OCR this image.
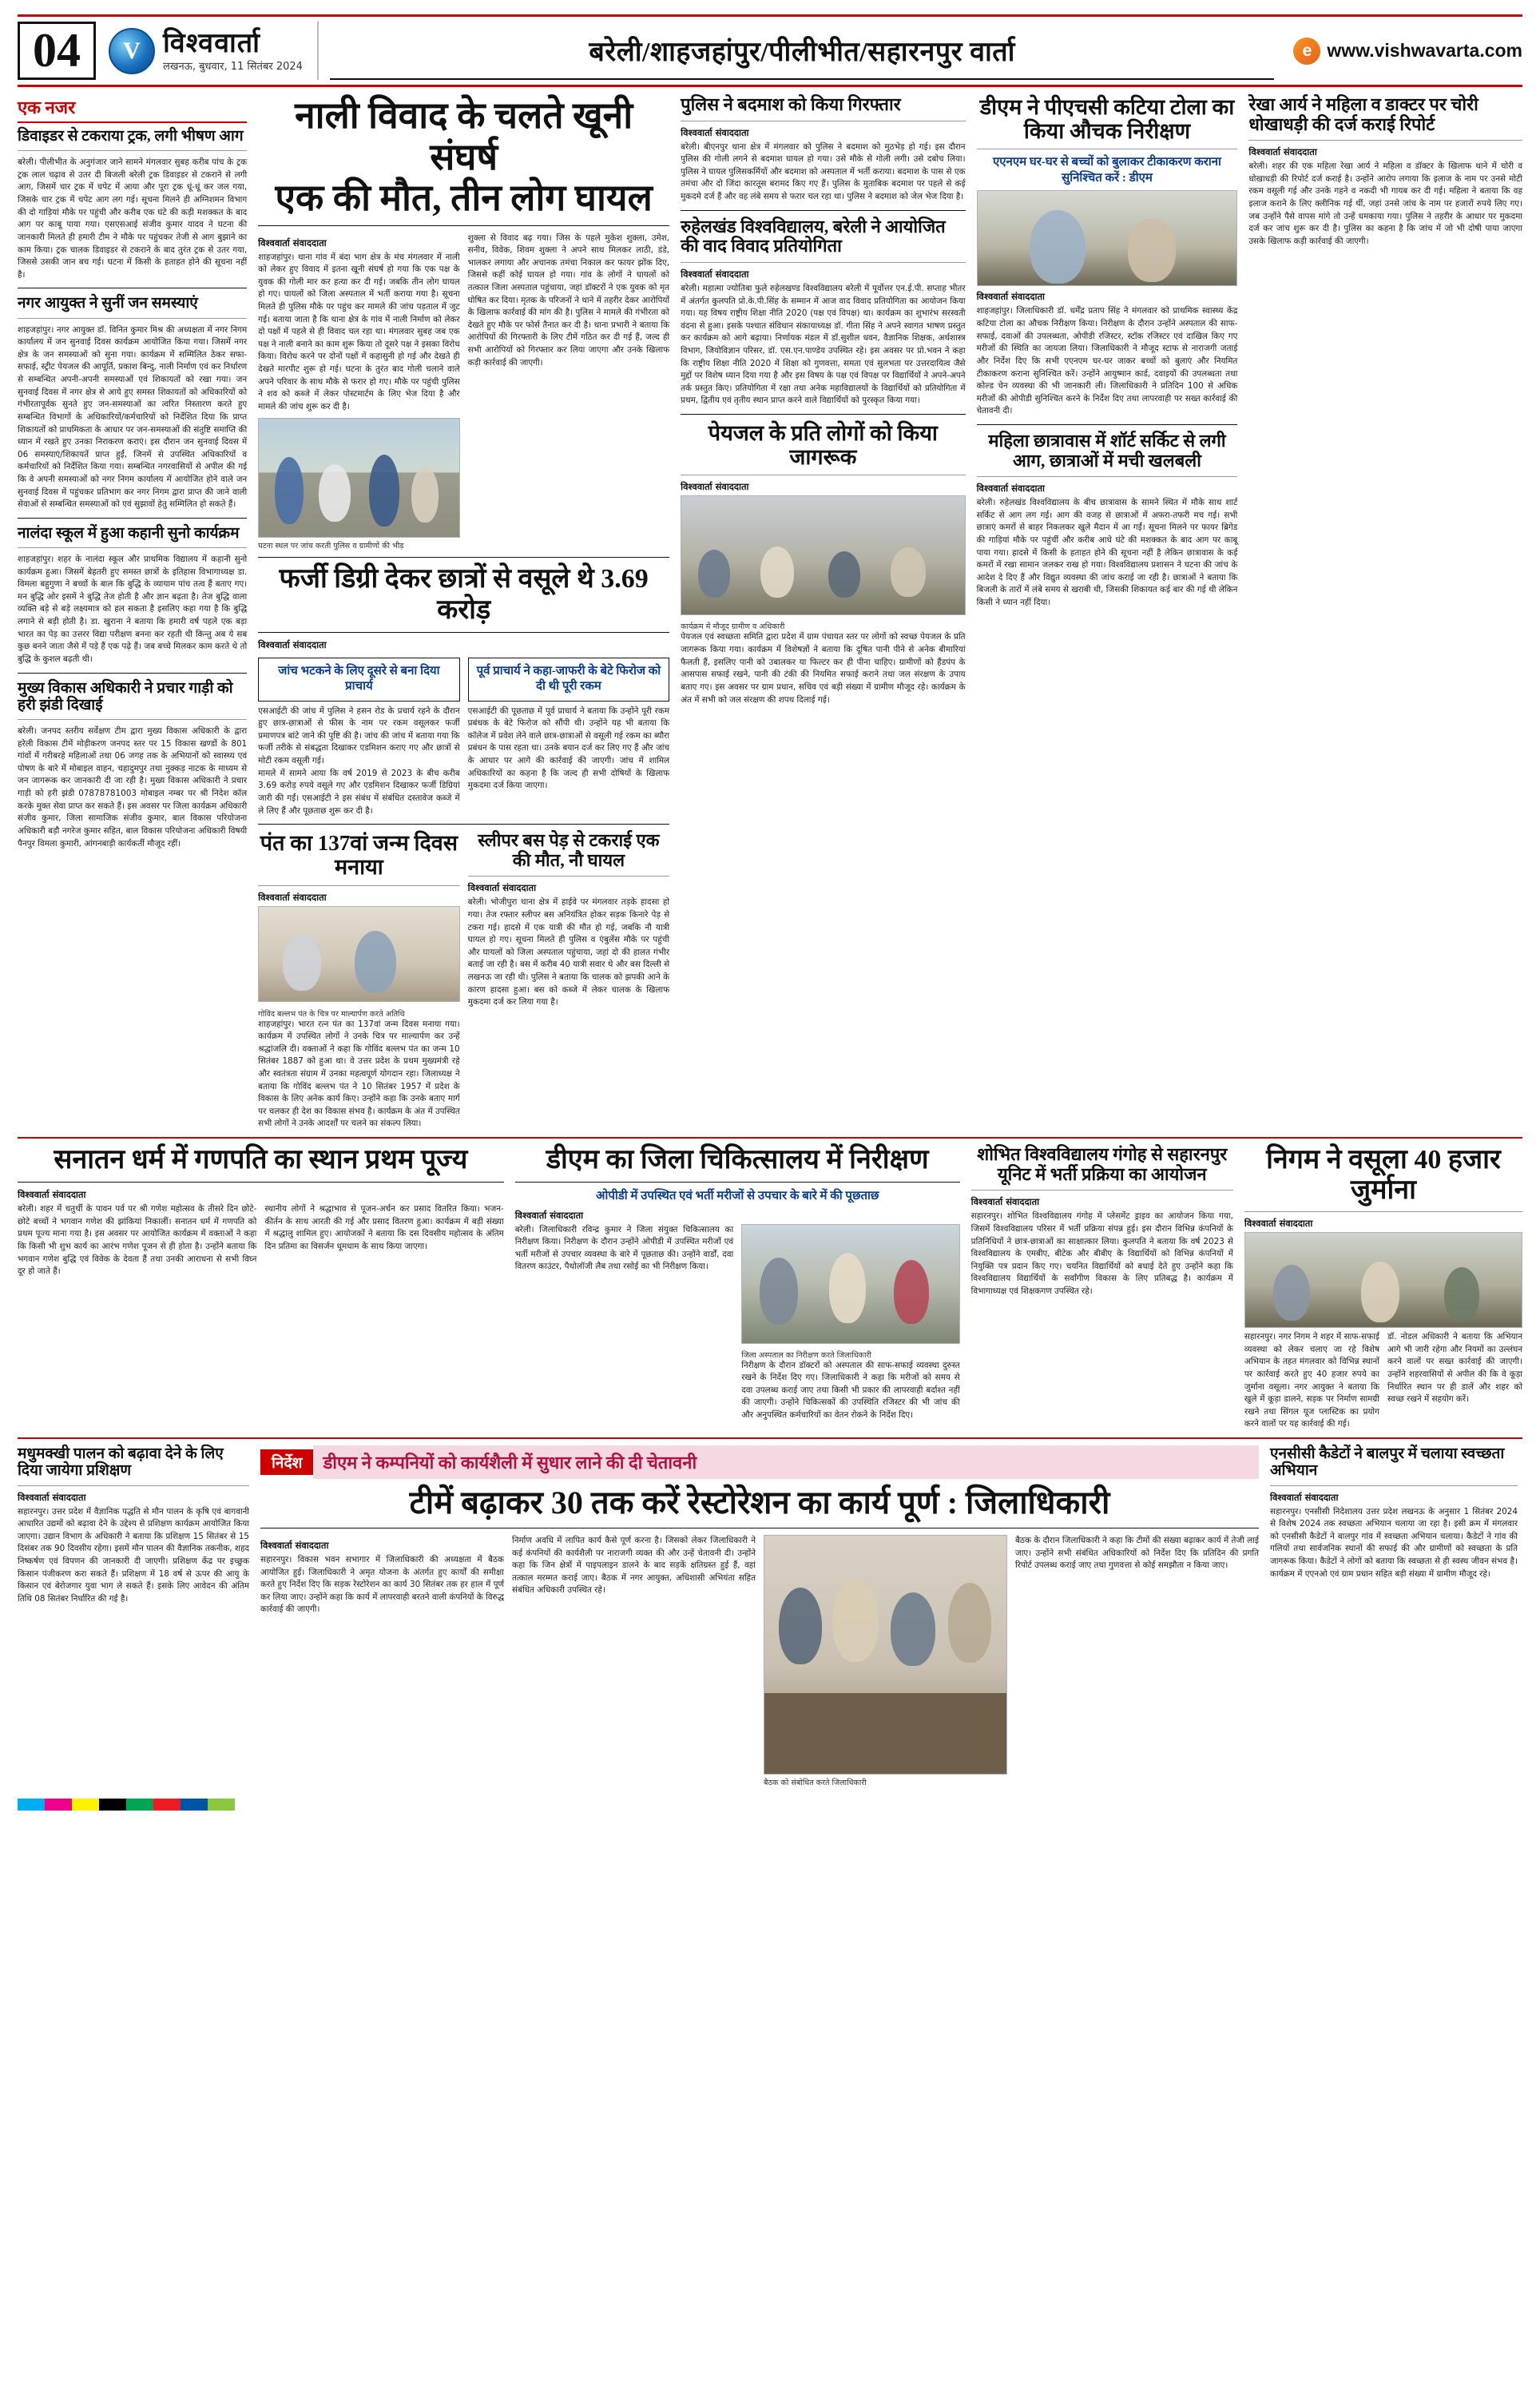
04	V विश्ववार्ता
लखनऊ, बुधवार, 11 सितंबर 2024	बरेली/शाहजहांपुर/पीलीभीत/सहारनपुर वार्ता	e www.vishwavarta.com
एक नजर
डिवाइडर से टकराया ट्रक, लगी भीषण आग
बरेली। पीलीभीत के अनुगंजार जाने सामने मंगलवार सुबह करीब पांच के ट्रक ट्रक लाल चढ़ाव से उतर दी बिजली बरेली ट्रक डिवाइडर से टकराने से लगी आग, जिसमें चार ट्रक में चपेट में आया और पूरा ट्रक धूं-धूं कर जल गया, जिसके चार ट्रक में चपेट आग लग गई। सूचना मिलने ही अग्निशमन विभाग की दो गाड़ियां मौके पर पहुंची और करीब एक घंटे की कड़ी मशक्कत के बाद आग पर काबू पाया गया। एसएसआई संजीव कुमार यादव ने घटना की जानकारी मिलते ही हमारी टीम ने मौके पर पहुंचकर तेजी से आग बुझाने का काम किया। ट्रक चालक डिवाइडर से टकराने के बाद तुरंत ट्रक से उतर गया, जिससे उसकी जान बच गई। घटना में किसी के हताहत होने की सूचना नहीं है।
नगर आयुक्त ने सुनीं जन समस्याएं
शाहजहांपुर। नगर आयुक्त डॉ. विनित कुमार मिश्र की अध्यक्षता में नगर निगम कार्यालय में जन सुनवाई दिवस कार्यक्रम आयोजित किया गया। जिसमें नगर क्षेत्र के जन समस्याओं को सुना गया। कार्यक्रम में सम्मिलित ठेकर सफा-सफाई, स्ट्रीट पेयजल की आपूर्ति, प्रकाश बिन्दु, नाली निर्माण एवं कर निर्धारण से सम्बन्धित अपनी-अपनी समस्याओं एवं शिकायतों को रखा गया। जन सुनवाई दिवस में नगर क्षेत्र से आये हुए समस्त शिकायतों को अधिकारियों को गंभीरतापूर्वक सुनते हुए जन-समस्याओं का त्वरित निस्तारण करते हुए सम्बन्धित विभागों के अधिकारियों/कर्मचारियों को निर्देशित दिया कि प्राप्त शिकायतों को प्राथमिकता के आधार पर जन-समस्याओं की संतुष्टि समाप्ति की ध्यान में रखते हुए उनका निराकरण कराएं। इस दौरान जन सुनवाई दिवस में 06 समस्याएं/शिकायतें प्राप्त हुईं, जिनमें से उपस्थित अधिकारियों व कर्मचारियों को निर्देशित किया गया। सम्बन्धित नगरवासियों से अपील की गई कि वे अपनी समस्याओं को नगर निगम कार्यालय में आयोजित होने वाले जन सुनवाई दिवस में पहुंचकर प्रतिभाग कर नगर निगम द्वारा प्राप्त की जाने वाली सेवाओं से सम्बन्धित समस्याओं को एवं सुझावों हेतु सम्मिलित हो सकते हैं।
नालंदा स्कूल में हुआ कहानी सुनो कार्यक्रम
शाहजहांपुर। शहर के नालंदा स्कूल और प्राथमिक विद्यालय में कहानी सुनो कार्यक्रम हुआ। जिसमें बेहतरी हुए समस्त छात्रों के इतिहास विभागाध्यक्ष डा. विमला बहुगुणा ने बच्चों के बाल कि बुद्धि के व्यायाम पांच तत्व हैं बताए गए। मन बुद्धि ओर इसमें ने बुद्धि तेज होती है और ज्ञान बढ़ता है। तेज बुद्धि वाला व्यक्ति बड़े से बड़े लक्ष्यमात्र को हल सकता है इसलिए कहा गया है कि बुद्धि लगाने से बड़ी होती है। डा. खुराना ने बताया कि हमारी वर्ष पहले एक बड़ा भारत का पेड़ का उत्तरर विद्या परीक्षण बनना कर रहती थी किन्तु अब ये सब कुछ बनने जाता जैसे में पड़े हैं एक पढ़े हैं। जब बच्चे मिलकर काम करते थे तो बुद्धि के कुशल बढ़ती थी।
मुख्य विकास अधिकारी ने प्रचार गाड़ी को हरी झंडी दिखाई
बरेली। जनपद स्तरीय सर्वेक्षण टीम द्वारा मुख्य विकास अधिकारी के द्वारा हरेली विकास टीमें मोड़ीकरण जनपद स्तर पर 15 विकास खण्डों के 801 गांवों में गरीबरहे महिलाओं तथा 06 जगह तक के अभियानों को स्वास्थ्य एवं पोषण के बारे में मोबाइल वाहन, चहादुमपुर तथा नुक्कड़ नाटक के माध्यम से जन जागरूक कर जानकारी दी जा रही है। मुख्य विकास अधिकारी ने प्रचार गाड़ी को हरी झंडी 07878781003 मोबाइल नम्बर पर श्री निदेश कॉल करके मुक्त सेवा प्राप्त कर सकते हैं। इस अवसर पर जिला कार्यक्रम अधिकारी संजीव कुमार, जिला सामाजिक संजीव कुमार, बाल विकास परियोजना अधिकारी बड़ौ नगरेज कुमार सहित, बाल विकास परियोजना अधिकारी विषयी पैनपुर विमला कुमारी, आंगनबाड़ी कार्यकर्ती मौजूद रहीं।
नाली विवाद के चलते खूनी संघर्ष
एक की मौत, तीन लोग घायल
विश्ववार्ता संवाददाता
शाहजहांपुर। थाना गांव में बंदा भाग क्षेत्र के मंच मंगलवार में नाली को लेकर हुए विवाद में इतना खूनी संघर्ष हो गया कि एक पक्ष के युवक की गोली मार कर हत्या कर दी गई। जबकि तीन लोग घायल हो गए। घायलों को जिला अस्पताल में भर्ती कराया गया है। सूचना मिलते ही पुलिस मौके पर पहुंच कर मामले की जांच पड़ताल में जुट गई। बताया जाता है कि थाना क्षेत्र के गांव में नाली निर्माण को लेकर दो पक्षों में पहले से ही विवाद चल रहा था। मंगलवार सुबह जब एक पक्ष ने नाली बनाने का काम शुरू किया तो दूसरे पक्ष ने इसका विरोध किया। विरोध करने पर दोनों पक्षों में कहासुनी हो गई और देखते ही देखते मारपीट शुरू हो गई। घटना के तुरंत बाद गोली चलाने वाले अपने परिवार के साथ मौके से फरार हो गए। मौके पर पहुंची पुलिस ने शव को कब्जे में लेकर पोस्टमार्टम के लिए भेज दिया है और मामले की जांच शुरू कर दी है।
घटना स्थल पर जांच करती पुलिस व ग्रामीणों की भीड़
शुक्ला से विवाद बढ़ गया। जिस के पहले मुकेश शुक्ला, उमेश, सनीव, विवेक, शिवम शुक्ला ने अपने साथ मिलकर लाठी, डंडे, भालकर लगाया और अचानक तमंचा निकाल कर फायर झोंक दिए, जिससे कहीं कोई घायल हो गया। गांव के लोगों ने घायलों को तत्काल जिला अस्पताल पहुंचाया, जहां डॉक्टरों ने एक युवक को मृत घोषित कर दिया। मृतक के परिजनों ने थाने में तहरीर देकर आरोपियों के खिलाफ कार्रवाई की मांग की है। पुलिस ने मामले की गंभीरता को देखते हुए मौके पर फोर्स तैनात कर दी है। थाना प्रभारी ने बताया कि आरोपियों की गिरफ्तारी के लिए टीमें गठित कर दी गई हैं, जल्द ही सभी आरोपियों को गिरफ्तार कर लिया जाएगा और उनके खिलाफ कड़ी कार्रवाई की जाएगी।
फर्जी डिग्री देकर छात्रों से वसूले थे 3.69 करोड़
विश्ववार्ता संवाददाता
जांच भटकने के लिए दूसरे से बना दिया प्राचार्य
एसआईटी की जांच में पुलिस ने हसन रोड के प्रचार्य रहने के दौरान हुए छात्र-छात्राओं से फीस के नाम पर रकम वसूलकर फर्जी प्रमाणपत्र बांटे जाने की पुष्टि की है। जांच की जांच में बताया गया कि फर्जी तरीके से संबद्धता दिखाकर एडमिशन कराए गए और छात्रों से मोटी रकम वसूली गई।
मामले में सामने आया कि वर्ष 2019 से 2023 के बीच करीब 3.69 करोड़ रुपये वसूले गए और एडमिशन दिखाकर फर्जी डिग्रियां जारी की गईं। एसआईटी ने इस संबंध में संबंधित दस्तावेज कब्जे में ले लिए हैं और पूछताछ शुरू कर दी है।
पूर्व प्राचार्य ने कहा-जाफरी के बेटे फिरोज को दी थी पूरी रकम
एसआईटी की पूछताछ में पूर्व प्राचार्य ने बताया कि उन्होंने पूरी रकम प्रबंधक के बेटे फिरोज को सौंपी थी। उन्होंने यह भी बताया कि कॉलेज में प्रवेश लेने वाले छात्र-छात्राओं से वसूली गई रकम का ब्यौरा प्रबंधन के पास रहता था। उनके बयान दर्ज कर लिए गए हैं और जांच के आधार पर आगे की कार्रवाई की जाएगी। जांच में शामिल अधिकारियों का कहना है कि जल्द ही सभी दोषियों के खिलाफ मुकदमा दर्ज किया जाएगा।
पंत का 137वां जन्म दिवस मनाया
विश्ववार्ता संवाददाता
गोविंद बल्लभ पंत के चित्र पर माल्यार्पण करते अतिथि
शाहजहांपुर। भारत रत्न पंत का 137वां जन्म दिवस मनाया गया। कार्यक्रम में उपस्थित लोगों ने उनके चित्र पर माल्यार्पण कर उन्हें श्रद्धांजलि दी। वक्ताओं ने कहा कि गोविंद बल्लभ पंत का जन्म 10 सितंबर 1887 को हुआ था। वे उत्तर प्रदेश के प्रथम मुख्यमंत्री रहे और स्वतंत्रता संग्राम में उनका महत्वपूर्ण योगदान रहा। जिलाध्यक्ष ने बताया कि गोविंद बल्लभ पंत ने 10 सितंबर 1957 में प्रदेश के विकास के लिए अनेक कार्य किए। उन्होंने कहा कि उनके बताए मार्ग पर चलकर ही देश का विकास संभव है। कार्यक्रम के अंत में उपस्थित सभी लोगों ने उनके आदर्शों पर चलने का संकल्प लिया।
स्लीपर बस पेड़ से टकराई एक की मौत, नौ घायल
विश्ववार्ता संवाददाता
बरेली। भोजीपुरा थाना क्षेत्र में हाईवे पर मंगलवार तड़के हादसा हो गया। तेज रफ्तार स्लीपर बस अनियंत्रित होकर सड़क किनारे पेड़ से टकरा गई। हादसे में एक यात्री की मौत हो गई, जबकि नौ यात्री घायल हो गए। सूचना मिलते ही पुलिस व एंबुलेंस मौके पर पहुंची और घायलों को जिला अस्पताल पहुंचाया, जहां दो की हालत गंभीर बताई जा रही है। बस में करीब 40 यात्री सवार थे और बस दिल्ली से लखनऊ जा रही थी। पुलिस ने बताया कि चालक को झपकी आने के कारण हादसा हुआ। बस को कब्जे में लेकर चालक के खिलाफ मुकदमा दर्ज कर लिया गया है।
पुलिस ने बदमाश को किया गिरफ्तार
विश्ववार्ता संवाददाता
बरेली। बीएनपुर थाना क्षेत्र में मंगलवार को पुलिस ने बदमाश को मुठभेड़ हो गई। इस दौरान पुलिस की गोली लगने से बदमाश घायल हो गया। उसे मौके से गोली लगी। उसे दबोच लिया। पुलिस ने घायल पुलिसकर्मियों और बदमाश को अस्पताल में भर्ती कराया। बदमाश के पास से एक तमंचा और दो जिंदा कारतूस बरामद किए गए हैं। पुलिस के मुताबिक बदमाश पर पहले से कई मुकदमे दर्ज हैं और वह लंबे समय से फरार चल रहा था। पुलिस ने बदमाश को जेल भेज दिया है।
रुहेलखंड विश्वविद्यालय, बरेली ने आयोजित की वाद विवाद प्रतियोगिता
विश्ववार्ता संवाददाता
बरेली। महात्मा ज्योतिबा फुले रुहेलखण्ड विश्वविद्यालय बरेली में पूर्वोत्तर एन.ई.पी. सप्ताह भीतर में अंतर्गत कुलपति प्रो.के.पी.सिंह के सम्मान में आज वाद विवाद प्रतियोगिता का आयोजन किया गया। यह विषय राष्ट्रीय शिक्षा नीति 2020 (पक्ष एवं विपक्ष) था। कार्यक्रम का शुभारंभ सरस्वती वंदना से हुआ। इसके पश्चात संविधान संकायाध्यक्ष डॉ. गीता सिंह ने अपने स्वागत भाषण प्रस्तुत कर कार्यक्रम को आगे बढ़ाया। निर्णायक मंडल में डॉ.सुशील धवन, वैज्ञानिक शिक्षक, अर्थशास्त्र विभाग, जियोविज्ञान परिसर, डॉ. एस.एन.पाण्डेय उपस्थित रहे। इस अवसर पर प्रो.भवन ने कहा कि राष्ट्रीय शिक्षा नीति 2020 में शिक्षा को गुणवत्ता, समता एवं सुलभता पर उत्तरदायित्व जैसे मुद्दों पर विशेष ध्यान दिया गया है और इस विषय के पक्ष एवं विपक्ष पर विद्यार्थियों ने अपने-अपने तर्क प्रस्तुत किए। प्रतियोगिता में रक्षा तथा अनेक महाविद्यालयों के विद्यार्थियों को प्रतियोगिता में प्रथम, द्वितीय एवं तृतीय स्थान प्राप्त करने वाले विद्यार्थियों को पुरस्कृत किया गया।
पेयजल के प्रति लोगों को किया जागरूक
विश्ववार्ता संवाददाता
कार्यक्रम में मौजूद ग्रामीण व अधिकारी
पेयजल एवं स्वच्छता समिति द्वारा प्रदेश में ग्राम पंचायत स्तर पर लोगों को स्वच्छ पेयजल के प्रति जागरूक किया गया। कार्यक्रम में विशेषज्ञों ने बताया कि दूषित पानी पीने से अनेक बीमारियां फैलती हैं, इसलिए पानी को उबालकर या फिल्टर कर ही पीना चाहिए। ग्रामीणों को हैंडपंप के आसपास सफाई रखने, पानी की टंकी की नियमित सफाई कराने तथा जल संरक्षण के उपाय बताए गए। इस अवसर पर ग्राम प्रधान, सचिव एवं बड़ी संख्या में ग्रामीण मौजूद रहे। कार्यक्रम के अंत में सभी को जल संरक्षण की शपथ दिलाई गई।
डीएम ने पीएचसी कटिया टोला का किया औचक निरीक्षण
एएनएम घर-घर से बच्चों को बुलाकर टीकाकरण कराना सुनिश्चित करें : डीएम
विश्ववार्ता संवाददाता
शाहजहांपुर। जिलाधिकारी डॉ. धर्मेंद्र प्रताप सिंह ने मंगलवार को प्राथमिक स्वास्थ्य केंद्र कटिया टोला का औचक निरीक्षण किया। निरीक्षण के दौरान उन्होंने अस्पताल की साफ-सफाई, दवाओं की उपलब्धता, ओपीडी रजिस्टर, स्टॉक रजिस्टर एवं दाखिल किए गए मरीजों की स्थिति का जायजा लिया। जिलाधिकारी ने मौजूद स्टाफ से नाराजगी जताई और निर्देश दिए कि सभी एएनएम घर-घर जाकर बच्चों को बुलाएं और नियमित टीकाकरण कराना सुनिश्चित करें। उन्होंने आयुष्मान कार्ड, दवाइयों की उपलब्धता तथा कोल्ड चेन व्यवस्था की भी जानकारी ली। जिलाधिकारी ने प्रतिदिन 100 से अधिक मरीजों की ओपीडी सुनिश्चित करने के निर्देश दिए तथा लापरवाही पर सख्त कार्रवाई की चेतावनी दी।
महिला छात्रावास में शॉर्ट सर्किट से लगी आग, छात्राओं में मची खलबली
विश्ववार्ता संवाददाता
बरेली। रुहेलखंड विश्वविद्यालय के बीच छात्रावास के सामने स्थित में मौके साथ शार्ट सर्किट से आग लग गई। आग की वजह से छात्राओं में अफरा-तफरी मच गई। सभी छात्राएं कमरों से बाहर निकलकर खुले मैदान में आ गईं। सूचना मिलने पर फायर ब्रिगेड की गाड़ियां मौके पर पहुंचीं और करीब आधे घंटे की मशक्कत के बाद आग पर काबू पाया गया। हादसे में किसी के हताहत होने की सूचना नहीं है लेकिन छात्रावास के कई कमरों में रखा सामान जलकर राख हो गया। विश्वविद्यालय प्रशासन ने घटना की जांच के आदेश दे दिए हैं और विद्युत व्यवस्था की जांच कराई जा रही है। छात्राओं ने बताया कि बिजली के तारों में लंबे समय से खराबी थी, जिसकी शिकायत कई बार की गई थी लेकिन किसी ने ध्यान नहीं दिया।
रेखा आर्य ने महिला व डाक्टर पर चोरी धोखाधड़ी की दर्ज कराई रिपोर्ट
विश्ववार्ता संवाददाता
बरेली। शहर की एक महिला रेखा आर्य ने महिला व डॉक्टर के खिलाफ थाने में चोरी व धोखाधड़ी की रिपोर्ट दर्ज कराई है। उन्होंने आरोप लगाया कि इलाज के नाम पर उनसे मोटी रकम वसूली गई और उनके गहने व नकदी भी गायब कर दी गई। महिला ने बताया कि वह इलाज कराने के लिए क्लीनिक गई थीं, जहां उनसे जांच के नाम पर हजारों रुपये लिए गए। जब उन्होंने पैसे वापस मांगे तो उन्हें धमकाया गया। पुलिस ने तहरीर के आधार पर मुकदमा दर्ज कर जांच शुरू कर दी है। पुलिस का कहना है कि जांच में जो भी दोषी पाया जाएगा उसके खिलाफ कड़ी कार्रवाई की जाएगी।
सनातन धर्म में गणपति का स्थान प्रथम पूज्य
विश्ववार्ता संवाददाता
बरेली। शहर में चतुर्थी के पावन पर्व पर श्री गणेश महोत्सव के तीसरे दिन छोटे-छोटे बच्चों ने भगवान गणेश की झांकियां निकालीं। सनातन धर्म में गणपति को प्रथम पूज्य माना गया है। इस अवसर पर आयोजित कार्यक्रम में वक्ताओं ने कहा कि किसी भी शुभ कार्य का आरंभ गणेश पूजन से ही होता है। उन्होंने बताया कि भगवान गणेश बुद्धि एवं विवेक के देवता हैं तथा उनकी आराधना से सभी विघ्न दूर हो जाते हैं।
स्थानीय लोगों ने श्रद्धाभाव से पूजन-अर्चन कर प्रसाद वितरित किया। भजन-कीर्तन के साथ आरती की गई और प्रसाद वितरण हुआ। कार्यक्रम में बड़ी संख्या में श्रद्धालु शामिल हुए। आयोजकों ने बताया कि दस दिवसीय महोत्सव के अंतिम दिन प्रतिमा का विसर्जन धूमधाम के साथ किया जाएगा।
डीएम का जिला चिकित्सालय में निरीक्षण
ओपीडी में उपस्थित एवं भर्ती मरीजों से उपचार के बारे में की पूछताछ
विश्ववार्ता संवाददाता
बरेली। जिलाधिकारी रविन्द्र कुमार ने जिला संयुक्त चिकित्सालय का निरीक्षण किया। निरीक्षण के दौरान उन्होंने ओपीडी में उपस्थित मरीजों एवं भर्ती मरीजों से उपचार व्यवस्था के बारे में पूछताछ की। उन्होंने वार्डों, दवा वितरण काउंटर, पैथोलॉजी लैब तथा रसोई का भी निरीक्षण किया।
जिला अस्पताल का निरीक्षण करते जिलाधिकारी
निरीक्षण के दौरान डॉक्टरों को अस्पताल की साफ-सफाई व्यवस्था दुरुस्त रखने के निर्देश दिए गए। जिलाधिकारी ने कहा कि मरीजों को समय से दवा उपलब्ध कराई जाए तथा किसी भी प्रकार की लापरवाही बर्दाश्त नहीं की जाएगी। उन्होंने चिकित्सकों की उपस्थिति रजिस्टर की भी जांच की और अनुपस्थित कर्मचारियों का वेतन रोकने के निर्देश दिए।
शोभित विश्वविद्यालय गंगोह से सहारनपुर यूनिट में भर्ती प्रक्रिया का आयोजन
विश्ववार्ता संवाददाता
सहारनपुर। शोभित विश्वविद्यालय गंगोह में प्लेसमेंट ड्राइव का आयोजन किया गया, जिसमें विश्वविद्यालय परिसर में भर्ती प्रक्रिया संपन्न हुई। इस दौरान विभिन्न कंपनियों के प्रतिनिधियों ने छात्र-छात्राओं का साक्षात्कार लिया। कुलपति ने बताया कि वर्ष 2023 से विश्वविद्यालय के एमबीए, बीटेक और बीबीए के विद्यार्थियों को विभिन्न कंपनियों में नियुक्ति पत्र प्रदान किए गए। चयनित विद्यार्थियों को बधाई देते हुए उन्होंने कहा कि विश्वविद्यालय विद्यार्थियों के सर्वांगीण विकास के लिए प्रतिबद्ध है। कार्यक्रम में विभागाध्यक्ष एवं शिक्षकगण उपस्थित रहे।
निगम ने वसूला 40 हजार जुर्माना
विश्ववार्ता संवाददाता
सहारनपुर। नगर निगम ने शहर में साफ-सफाई व्यवस्था को लेकर चलाए जा रहे विशेष अभियान के तहत मंगलवार को विभिन्न स्थानों पर कार्रवाई करते हुए 40 हजार रुपये का जुर्माना वसूला। नगर आयुक्त ने बताया कि खुले में कूड़ा डालने, सड़क पर निर्माण सामग्री रखने तथा सिंगल यूज प्लास्टिक का प्रयोग करने वालों पर यह कार्रवाई की गई।
डॉ. नोडल अधिकारी ने बताया कि अभियान आगे भी जारी रहेगा और नियमों का उल्लंघन करने वालों पर सख्त कार्रवाई की जाएगी। उन्होंने शहरवासियों से अपील की कि वे कूड़ा निर्धारित स्थान पर ही डालें और शहर को स्वच्छ रखने में सहयोग करें।
मधुमक्खी पालन को बढ़ावा देने के लिए दिया जायेगा प्रशिक्षण
विश्ववार्ता संवाददाता
सहारनपुर। उत्तर प्रदेश में वैज्ञानिक पद्धति से मौन पालन के कृषि एवं बागवानी आधारित उद्यमों को बढ़ावा देने के उद्देश्य से प्रशिक्षण कार्यक्रम आयोजित किया जाएगा। उद्यान विभाग के अधिकारी ने बताया कि प्रशिक्षण 15 सितंबर से 15 दिसंबर तक 90 दिवसीय रहेगा। इसमें मौन पालन की वैज्ञानिक तकनीक, शहद निष्कर्षण एवं विपणन की जानकारी दी जाएगी। प्रशिक्षण केंद्र पर इच्छुक किसान पंजीकरण करा सकते हैं। प्रशिक्षण में 18 वर्ष से ऊपर की आयु के किसान एवं बेरोजगार युवा भाग ले सकते हैं। इसके लिए आवेदन की अंतिम तिथि 08 सितंबर निर्धारित की गई है।
निर्देश	डीएम ने कम्पनियों को कार्यशैली में सुधार लाने की दी चेतावनी
टीमें बढ़ाकर 30 तक करें रेस्टोरेशन का कार्य पूर्ण : जिलाधिकारी
विश्ववार्ता संवाददाता
सहारनपुर। विकास भवन सभागार में जिलाधिकारी की अध्यक्षता में बैठक आयोजित हुई। जिलाधिकारी ने अमृत योजना के अंतर्गत हुए कार्यों की समीक्षा करते हुए निर्देश दिए कि सड़क रेस्टोरेशन का कार्य 30 सितंबर तक हर हाल में पूर्ण कर लिया जाए। उन्होंने कहा कि कार्य में लापरवाही बरतने वाली कंपनियों के विरुद्ध कार्रवाई की जाएगी।
निर्माण अवधि में लापित कार्य कैसे पूर्ण करना है। जिसको लेकर जिलाधिकारी ने कई कंपनियों की कार्यशैली पर नाराजगी व्यक्त की और उन्हें चेतावनी दी। उन्होंने कहा कि जिन क्षेत्रों में पाइपलाइन डालने के बाद सड़कें क्षतिग्रस्त हुई हैं, वहां तत्काल मरम्मत कराई जाए। बैठक में नगर आयुक्त, अधिशासी अभियंता सहित संबंधित अधिकारी उपस्थित रहे।
बैठक को संबोधित करते जिलाधिकारी
बैठक के दौरान जिलाधिकारी ने कहा कि टीमों की संख्या बढ़ाकर कार्य में तेजी लाई जाए। उन्होंने सभी संबंधित अधिकारियों को निर्देश दिए कि प्रतिदिन की प्रगति रिपोर्ट उपलब्ध कराई जाए तथा गुणवत्ता से कोई समझौता न किया जाए।
एनसीसी कैडेटों ने बालपुर में चलाया स्वच्छता अभियान
विश्ववार्ता संवाददाता
सहारनपुर। एनसीसी निदेशालय उत्तर प्रदेश लखनऊ के अनुसार 1 सितंबर 2024 से विशेष 2024 तक स्वच्छता अभियान चलाया जा रहा है। इसी क्रम में मंगलवार को एनसीसी कैडेटों ने बालपुर गांव में स्वच्छता अभियान चलाया। कैडेटों ने गांव की गलियों तथा सार्वजनिक स्थानों की सफाई की और ग्रामीणों को स्वच्छता के प्रति जागरूक किया। कैडेटों ने लोगों को बताया कि स्वच्छता से ही स्वस्थ जीवन संभव है। कार्यक्रम में एएनओ एवं ग्राम प्रधान सहित बड़ी संख्या में ग्रामीण मौजूद रहे।
